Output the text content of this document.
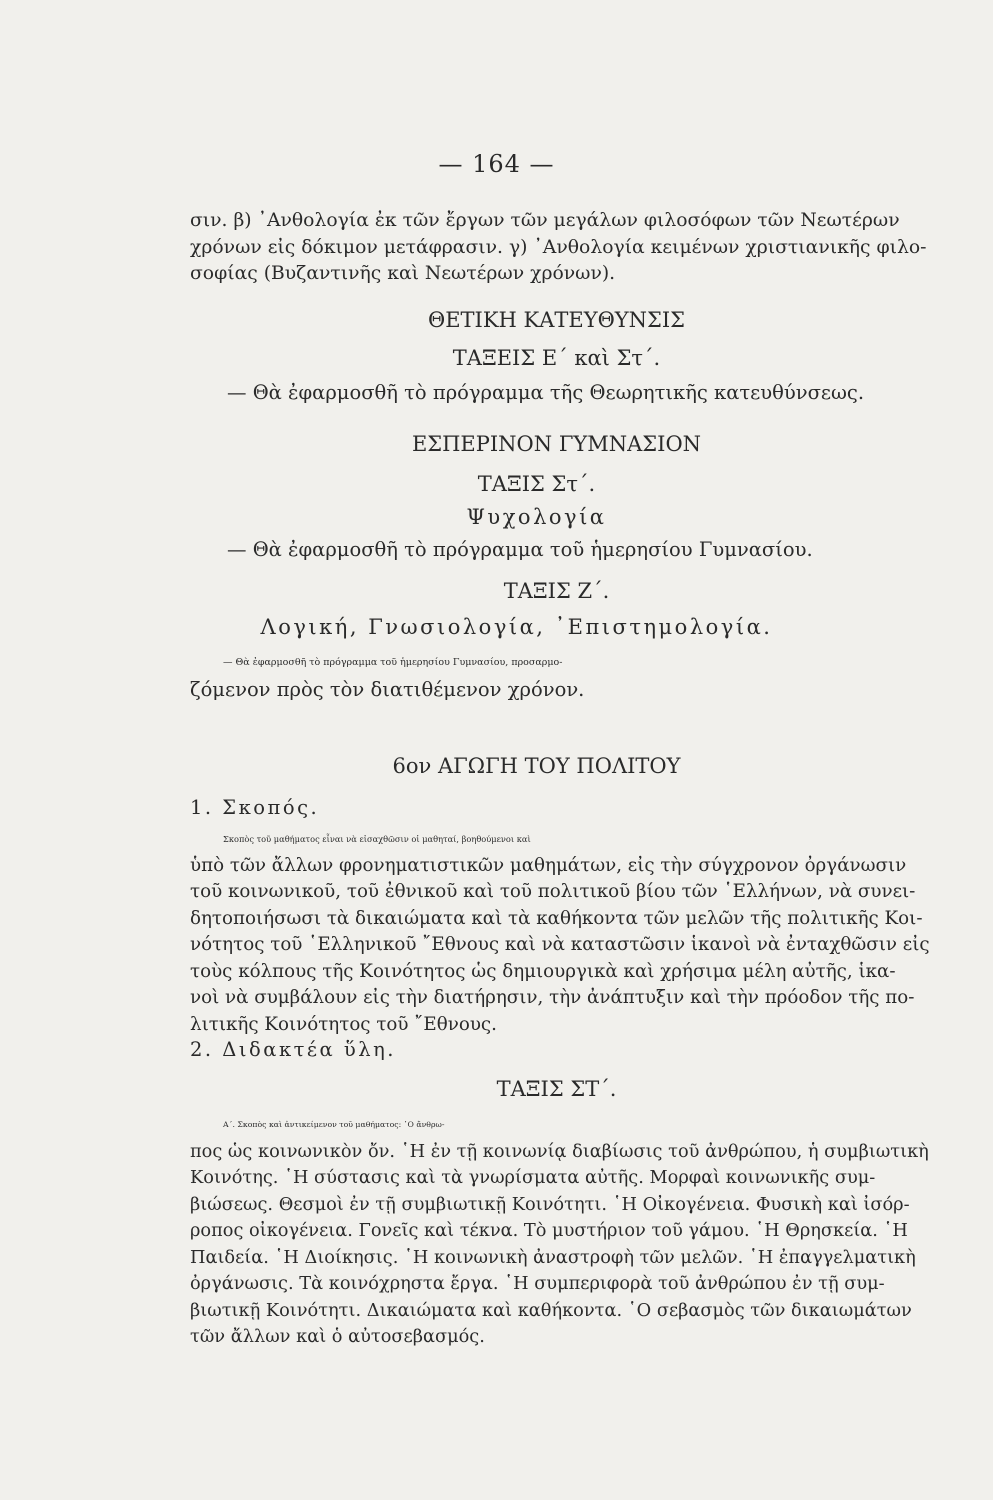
— 164 —
σιν. β) ᾽Ανθολογία ἐκ τῶν ἔργων τῶν μεγάλων φιλοσόφων τῶν Νεωτέρων
χρόνων εἰς δόκιμον μετάφρασιν. γ) ᾽Ανθολογία κειμένων χριστιανικῆς φιλο-
σοφίας (Βυζαντινῆς καὶ Νεωτέρων χρόνων).
ΘΕΤΙΚΗ ΚΑΤΕΥΘΥΝΣΙΣ
ΤΑΞΕΙΣ Ε΄ καὶ Στ΄.
— Θὰ ἐφαρμοσθῆ τὸ πρόγραμμα τῆς Θεωρητικῆς κατευθύνσεως.
ΕΣΠΕΡΙΝΟΝ ΓΥΜΝΑΣΙΟΝ
ΤΑΞΙΣ Στ΄.
Ψυχολογία
— Θὰ ἐφαρμοσθῆ τὸ πρόγραμμα τοῦ ἡμερησίου Γυμνασίου.
ΤΑΞΙΣ Ζ΄.
Λογική, Γνωσιολογία, ᾽Επιστημολογία.
— Θὰ ἐφαρμοσθῆ τὸ πρόγραμμα τοῦ ἡμερησίου Γυμνασίου, προσαρμο-
ζόμενον πρὸς τὸν διατιθέμενον χρόνον.
6ον ΑΓΩΓΗ ΤΟΥ ΠΟΛΙΤΟΥ
1. Σκοπός.
Σκοπὸς τοῦ μαθήματος εἶναι νὰ εἰσαχθῶσιν οἱ μαθηταί, βοηθούμενοι καὶ
ὑπὸ τῶν ἄλλων φρονηματιστικῶν μαθημάτων, εἰς τὴν σύγχρονον ὀργάνωσιν
τοῦ κοινωνικοῦ, τοῦ ἐθνικοῦ καὶ τοῦ πολιτικοῦ βίου τῶν ῾Ελλήνων, νὰ συνει-
δητοποιήσωσι τὰ δικαιώματα καὶ τὰ καθήκοντα τῶν μελῶν τῆς πολιτικῆς Κοι-
νότητος τοῦ ῾Ελληνικοῦ ῎Εθνους καὶ νὰ καταστῶσιν ἱκανοὶ νὰ ἐνταχθῶσιν εἰς
τοὺς κόλπους τῆς Κοινότητος ὡς δημιουργικὰ καὶ χρήσιμα μέλη αὐτῆς, ἱκα-
νοὶ νὰ συμβάλουν εἰς τὴν διατήρησιν, τὴν ἀνάπτυξιν καὶ τὴν πρόοδον τῆς πο-
λιτικῆς Κοινότητος τοῦ ῎Εθνους.
2. Διδακτέα ὕλη.
ΤΑΞΙΣ ΣΤ΄.
Α΄. Σκοπὸς καὶ ἀντικείμενον τοῦ μαθήματος: ῾Ο ἄνθρω-
πος ὡς κοινωνικὸν ὄν. ῾Η ἐν τῇ κοινωνίᾳ διαβίωσις τοῦ ἀνθρώπου, ἡ συμβιωτικὴ
Κοινότης. ῾Η σύστασις καὶ τὰ γνωρίσματα αὐτῆς. Μορφαὶ κοινωνικῆς συμ-
βιώσεως. Θεσμοὶ ἐν τῇ συμβιωτικῇ Κοινότητι. ῾Η Οἰκογένεια. Φυσικὴ καὶ ἰσόρ-
ροπος οἰκογένεια. Γονεῖς καὶ τέκνα. Τὸ μυστήριον τοῦ γάμου. ῾Η Θρησκεία. ῾Η
Παιδεία. ῾Η Διοίκησις. ῾Η κοινωνικὴ ἀναστροφὴ τῶν μελῶν. ῾Η ἐπαγγελματικὴ
ὀργάνωσις. Τὰ κοινόχρηστα ἔργα. ῾Η συμπεριφορὰ τοῦ ἀνθρώπου ἐν τῇ συμ-
βιωτικῇ Κοινότητι. Δικαιώματα καὶ καθήκοντα. ῾Ο σεβασμὸς τῶν δικαιωμάτων
τῶν ἄλλων καὶ ὁ αὐτοσεβασμός.
